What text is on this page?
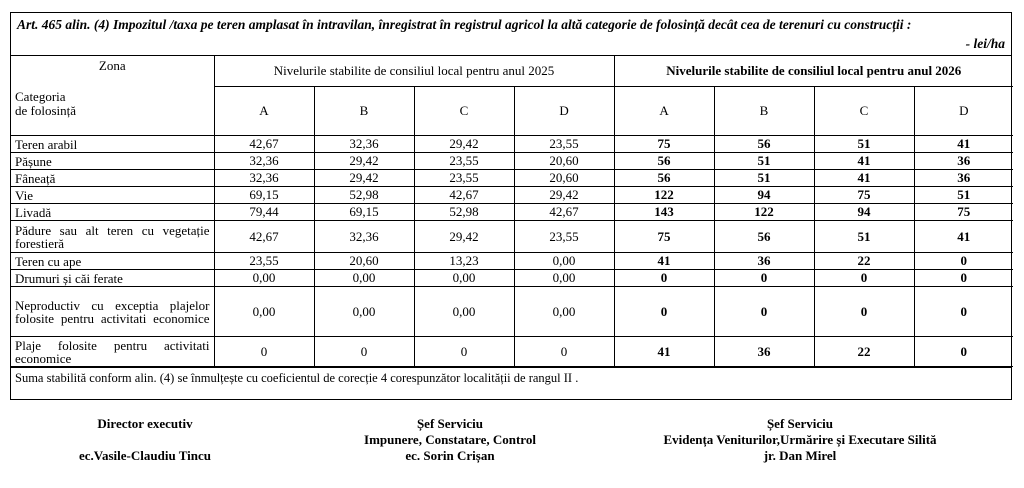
Art. 465 alin. (4) Impozitul /taxa pe teren amplasat în intravilan, înregistrat în registrul agricol la altă categorie de folosință decât cea de terenuri cu construcții :
- lei/ha
Zona
Categoria
de folosință	Nivelurile stabilite de consiliul local pentru anul 2025				Nivelurile stabilite de consiliul local pentru anul 2026			
	A	B	C	D	A	B	C	D
Teren arabil	42,67	32,36	29,42	23,55	75	56	51	41
Pășune	32,36	29,42	23,55	20,60	56	51	41	36
Fâneață	32,36	29,42	23,55	20,60	56	51	41	36
Vie	69,15	52,98	42,67	29,42	122	94	75	51
Livadă	79,44	69,15	52,98	42,67	143	122	94	75
Pădure sau alt teren cu vegetație forestieră	42,67	32,36	29,42	23,55	75	56	51	41
Teren cu ape	23,55	20,60	13,23	0,00	41	36	22	0
Drumuri și căi ferate	0,00	0,00	0,00	0,00	0	0	0	0
Neproductiv cu exceptia plajelor folosite pentru activitati economice	0,00	0,00	0,00	0,00	0	0	0	0
Plaje folosite pentru activitati economice	0	0	0	0	41	36	22	0
Suma stabilită conform alin. (4) se înmulțește cu coeficientul de corecție 4 corespunzător localității de rangul II .
Director executiv
ec.Vasile-Claudiu Tincu
Șef Serviciu
Impunere, Constatare, Control
ec. Sorin Crișan
Șef Serviciu
Evidența Veniturilor,Urmărire și Executare Silită
jr. Dan Mirel
